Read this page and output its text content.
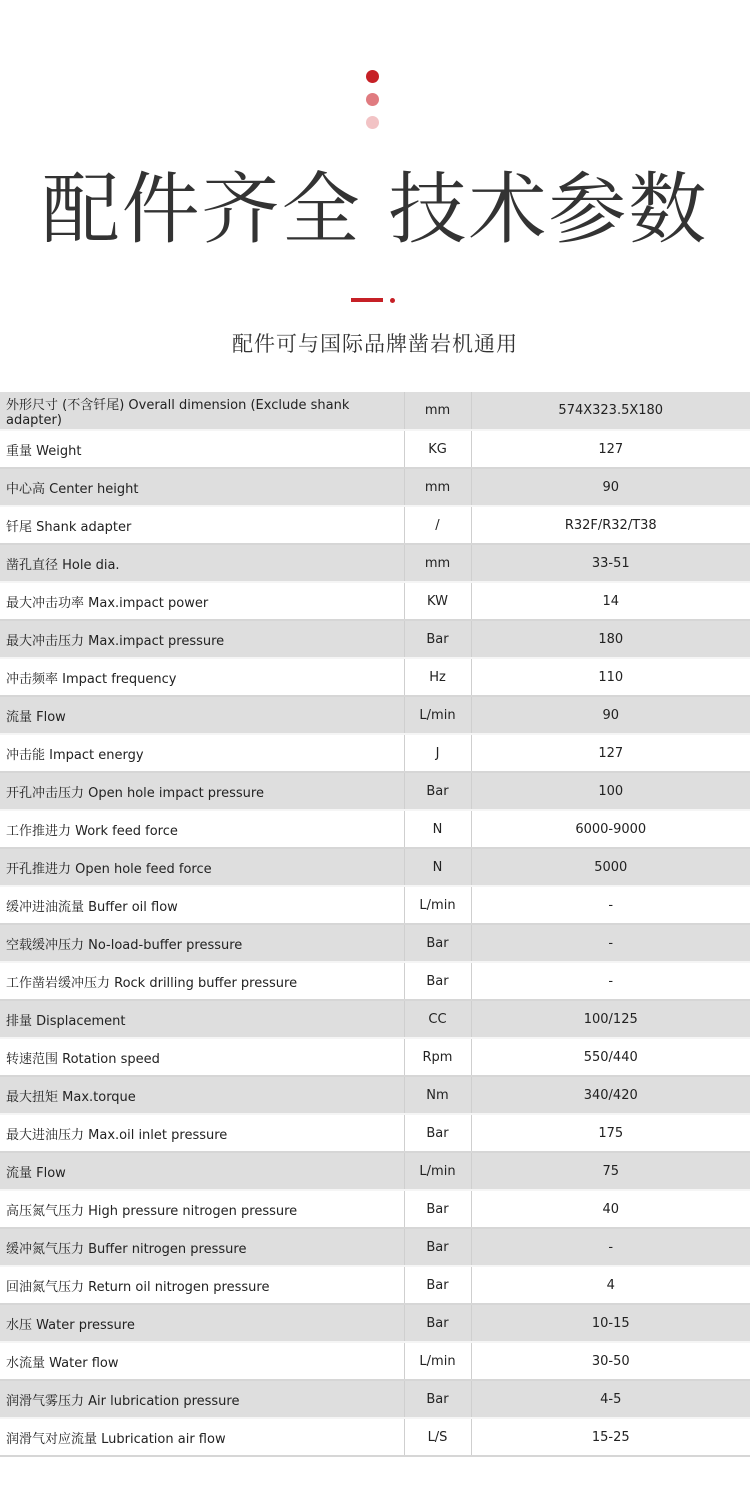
配件齐全 技术参数
配件可与国际品牌凿岩机通用
外形尺寸 (不含钎尾) Overall dimension (Exclude shank adapter)	mm	574X323.5X180
重量 Weight	KG	127
中心高 Center height	mm	90
钎尾 Shank adapter	/	R32F/R32/T38
凿孔直径 Hole dia.	mm	33-51
最大冲击功率 Max.impact power	KW	14
最大冲击压力 Max.impact pressure	Bar	180
冲击频率 Impact frequency	Hz	110
流量 Flow	L/min	90
冲击能 Impact energy	J	127
开孔冲击压力 Open hole impact pressure	Bar	100
工作推进力 Work feed force	N	6000-9000
开孔推进力 Open hole feed force	N	5000
缓冲进油流量 Buffer oil flow	L/min	-
空载缓冲压力 No-load-buffer pressure	Bar	-
工作凿岩缓冲压力 Rock drilling buffer pressure	Bar	-
排量 Displacement	CC	100/125
转速范围 Rotation speed	Rpm	550/440
最大扭矩 Max.torque	Nm	340/420
最大进油压力 Max.oil inlet pressure	Bar	175
流量 Flow	L/min	75
高压氮气压力 High pressure nitrogen pressure	Bar	40
缓冲氮气压力 Buffer nitrogen pressure	Bar	-
回油氮气压力 Return oil nitrogen pressure	Bar	4
水压 Water pressure	Bar	10-15
水流量 Water flow	L/min	30-50
润滑气雾压力 Air lubrication pressure	Bar	4-5
润滑气对应流量 Lubrication air flow	L/S	15-25
